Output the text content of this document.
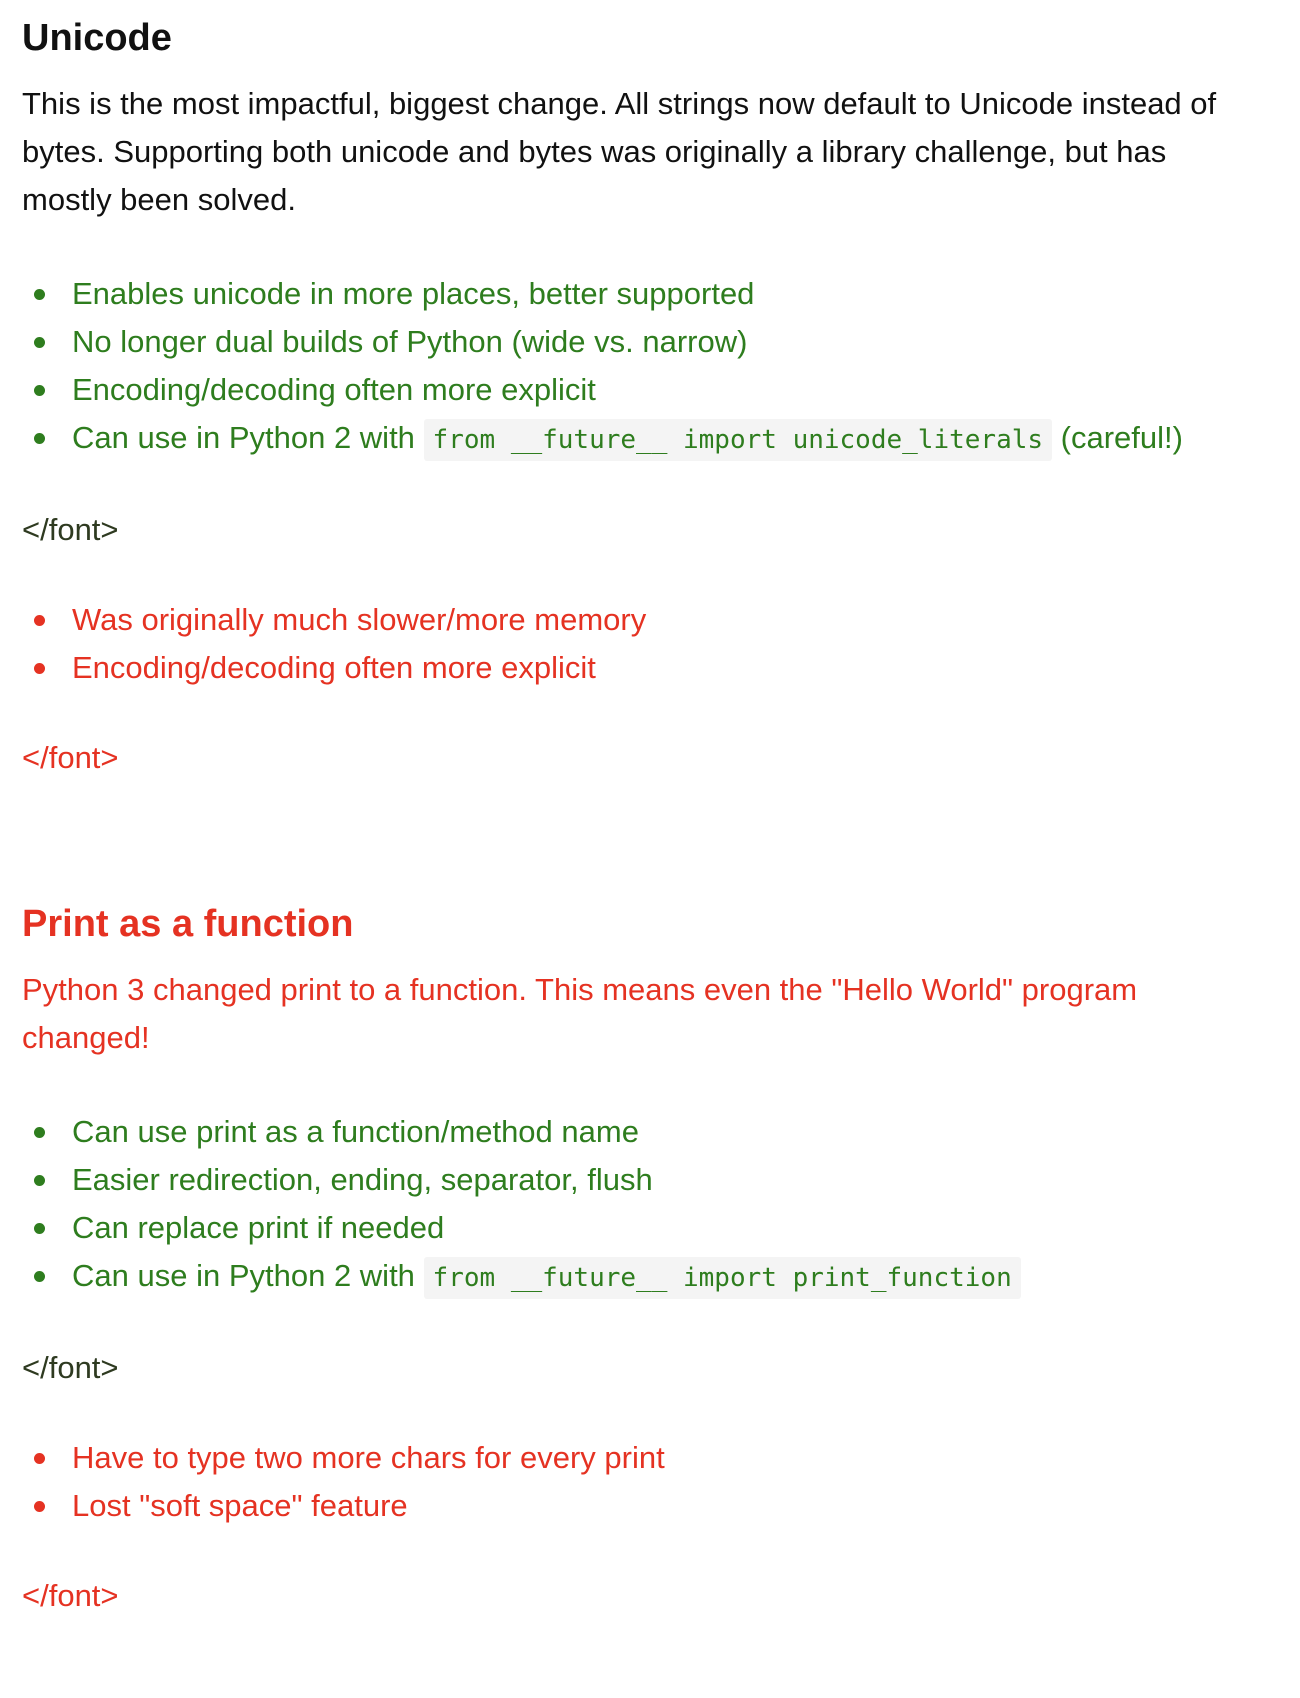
Unicode

This is the most impactful, biggest change. All strings now default to Unicode instead of bytes. Supporting both unicode and bytes was originally a library challenge, but has mostly been solved.

Enables unicode in more places, better supported
No longer dual builds of Python (wide vs. narrow)
Encoding/decoding often more explicit
Can use in Python 2 with from __future__ import unicode_literals (careful!)
</font>
Was originally much slower/more memory
Encoding/decoding often more explicit
</font>
Print as a function

Python 3 changed print to a function. This means even the "Hello World" program changed!

Can use print as a function/method name
Easier redirection, ending, separator, flush
Can replace print if needed
Can use in Python 2 with from __future__ import print_function
</font>
Have to type two more chars for every print
Lost "soft space" feature
</font>
